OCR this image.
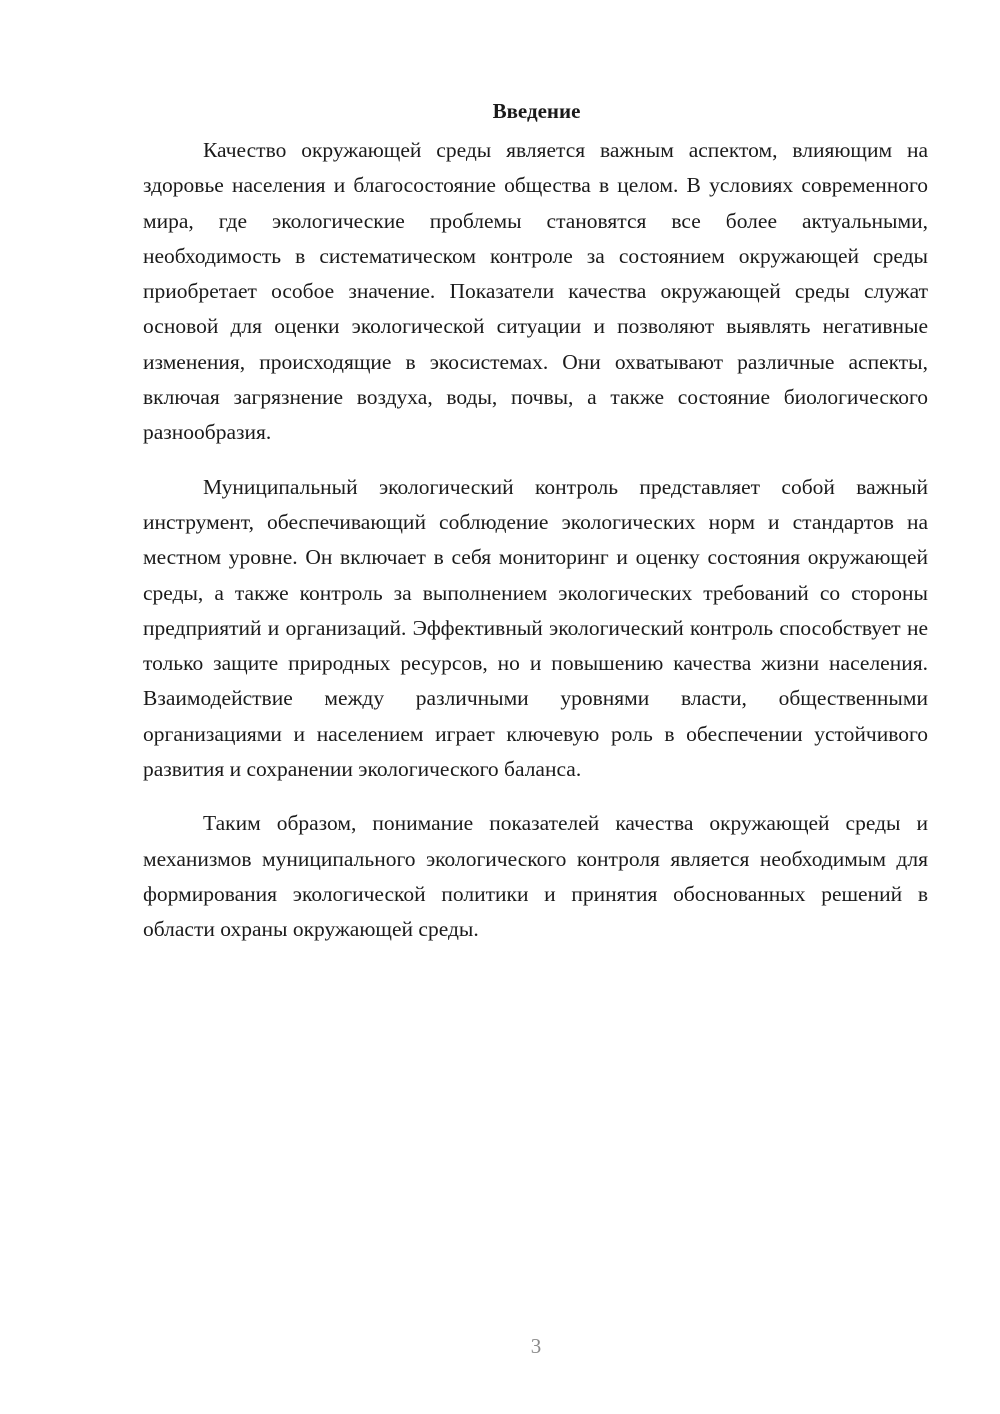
Введение

Качество окружающей среды является важным аспектом, влияющим на здоровье населения и благосостояние общества в целом. В условиях современного мира, где экологические проблемы становятся все более актуальными, необходимость в систематическом контроле за состоянием окружающей среды приобретает особое значение. Показатели качества окружающей среды служат основой для оценки экологической ситуации и позволяют выявлять негативные изменения, происходящие в экосистемах. Они охватывают различные аспекты, включая загрязнение воздуха, воды, почвы, а также состояние биологического разнообразия.

Муниципальный экологический контроль представляет собой важный инструмент, обеспечивающий соблюдение экологических норм и стандартов на местном уровне. Он включает в себя мониторинг и оценку состояния окружающей среды, а также контроль за выполнением экологических требований со стороны предприятий и организаций. Эффективный экологический контроль способствует не только защите природных ресурсов, но и повышению качества жизни населения. Взаимодействие между различными уровнями власти, общественными организациями и населением играет ключевую роль в обеспечении устойчивого развития и сохранении экологического баланса.

Таким образом, понимание показателей качества окружающей среды и механизмов муниципального экологического контроля является необходимым для формирования экологической политики и принятия обоснованных решений в области охраны окружающей среды.

3
